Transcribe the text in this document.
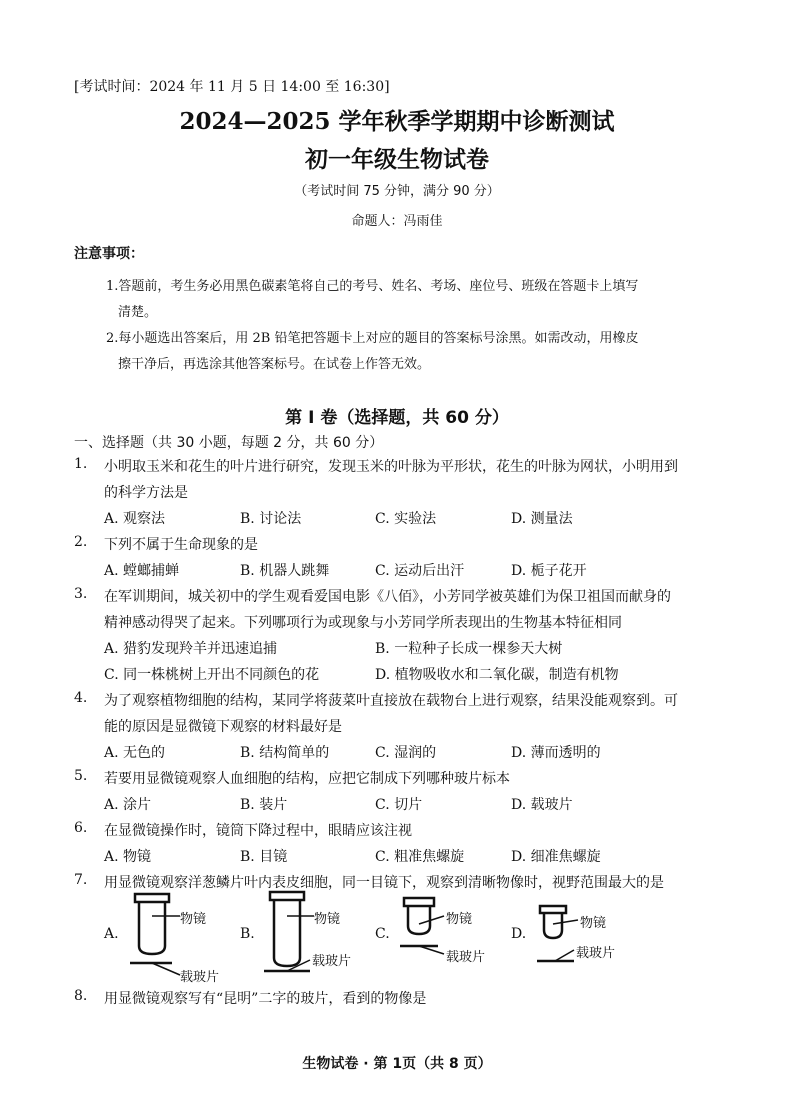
[考试时间：2024 年 11 月 5 日 14:00 至 16:30]
2024—2025 学年秋季学期期中诊断测试
初一年级生物试卷
（考试时间 75 分钟，满分 90 分）
命题人：冯雨佳
注意事项：
1.答题前，考生务必用黑色碳素笔将自己的考号、姓名、考场、座位号、班级在答题卡上填写
清楚。
2.每小题选出答案后，用 2B 铅笔把答题卡上对应的题目的答案标号涂黑。如需改动，用橡皮
擦干净后，再选涂其他答案标号。在试卷上作答无效。
第 Ⅰ 卷（选择题，共 60 分）
一、选择题（共 30 小题，每题 2 分，共 60 分）
1. 小明取玉米和花生的叶片进行研究，发现玉米的叶脉为平形状，花生的叶脉为网状，小明用到
的科学方法是
A. 观察法	B. 讨论法	C. 实验法	D. 测量法
2. 下列不属于生命现象的是
A. 螳螂捕蝉	B. 机器人跳舞	C. 运动后出汗	D. 栀子花开
3. 在军训期间，城关初中的学生观看爱国电影《八佰》，小芳同学被英雄们为保卫祖国而献身的
精神感动得哭了起来。下列哪项行为或现象与小芳同学所表现出的生物基本特征相同
A. 猎豹发现羚羊并迅速追捕	B. 一粒种子长成一棵参天大树
C. 同一株桃树上开出不同颜色的花	D. 植物吸收水和二氧化碳，制造有机物
4. 为了观察植物细胞的结构，某同学将菠菜叶直接放在载物台上进行观察，结果没能观察到。可
能的原因是显微镜下观察的材料最好是
A. 无色的	B. 结构简单的	C. 湿润的	D. 薄而透明的
5. 若要用显微镜观察人血细胞的结构，应把它制成下列哪种玻片标本
A. 涂片	B. 装片	C. 切片	D. 载玻片
6. 在显微镜操作时，镜筒下降过程中，眼睛应该注视
A. 物镜	B. 目镜	C. 粗准焦螺旋	D. 细准焦螺旋
7. 用显微镜观察洋葱鳞片叶内表皮细胞，同一目镜下，观察到清晰物像时，视野范围最大的是
A.	B.	C.	D.
物镜
载玻片
物镜
载玻片
物镜
载玻片
物镜
载玻片
8. 用显微镜观察写有“昆明”二字的玻片，看到的物像是
生物试卷 · 第 1页（共 8 页）
